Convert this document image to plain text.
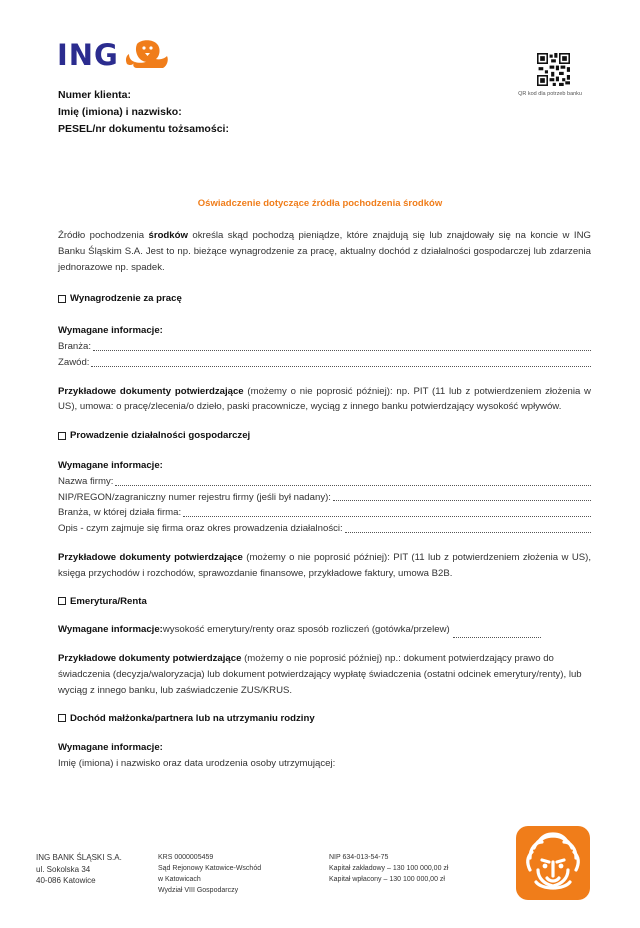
ING
QR kod dla potrzeb banku
Numer klienta:
Imię (imiona) i nazwisko:
PESEL/nr dokumentu tożsamości:
Oświadczenie dotyczące źródła pochodzenia środków

Źródło pochodzenia środków określa skąd pochodzą pieniądze, które znajdują się lub znajdowały się na koncie w ING Banku Śląskim S.A. Jest to np. bieżące wynagrodzenie za pracę, aktualny dochód z działalności gospodarczej lub zdarzenia jednorazowe np. spadek.

Wynagrodzenie za pracę
Wymagane informacje:
Branża:
Zawód:

Przykładowe dokumenty potwierdzające (możemy o nie poprosić później): np. PIT (11 lub z potwierdzeniem złożenia w US), umowa: o pracę/zlecenia/o dzieło, paski pracownicze, wyciąg z innego banku potwierdzający wysokość wpływów.

Prowadzenie działalności gospodarczej
Wymagane informacje:
Nazwa firmy:
NIP/REGON/zagraniczny numer rejestru firmy (jeśli był nadany):
Branża, w której działa firma:
Opis - czym zajmuje się firma oraz okres prowadzenia działalności:

Przykładowe dokumenty potwierdzające (możemy o nie poprosić później): PIT (11 lub z potwierdzeniem złożenia w US), księga przychodów i rozchodów, sprawozdanie finansowe, przykładowe faktury, umowa B2B.

Emerytura/Renta
Wymagane informacje: wysokość emerytury/renty oraz sposób rozliczeń (gotówka/przelew)

Przykładowe dokumenty potwierdzające (możemy o nie poprosić później) np.: dokument potwierdzający prawo do świadczenia (decyzja/waloryzacja) lub dokument potwierdzający wypłatę świadczenia (ostatni odcinek emerytury/renty), lub wyciąg z innego banku, lub zaświadczenie ZUS/KRUS.

Dochód małżonka/partnera lub na utrzymaniu rodziny
Wymagane informacje:
Imię (imiona) i nazwisko oraz data urodzenia osoby utrzymującej:
ING BANK ŚLĄSKI S.A.
ul. Sokolska 34
40-086 Katowice
KRS 0000005459
Sąd Rejonowy Katowice-Wschód
w Katowicach
Wydział VIII Gospodarczy
NIP 634-013-54-75
Kapitał zakładowy – 130 100 000,00 zł
Kapitał wpłacony – 130 100 000,00 zł
